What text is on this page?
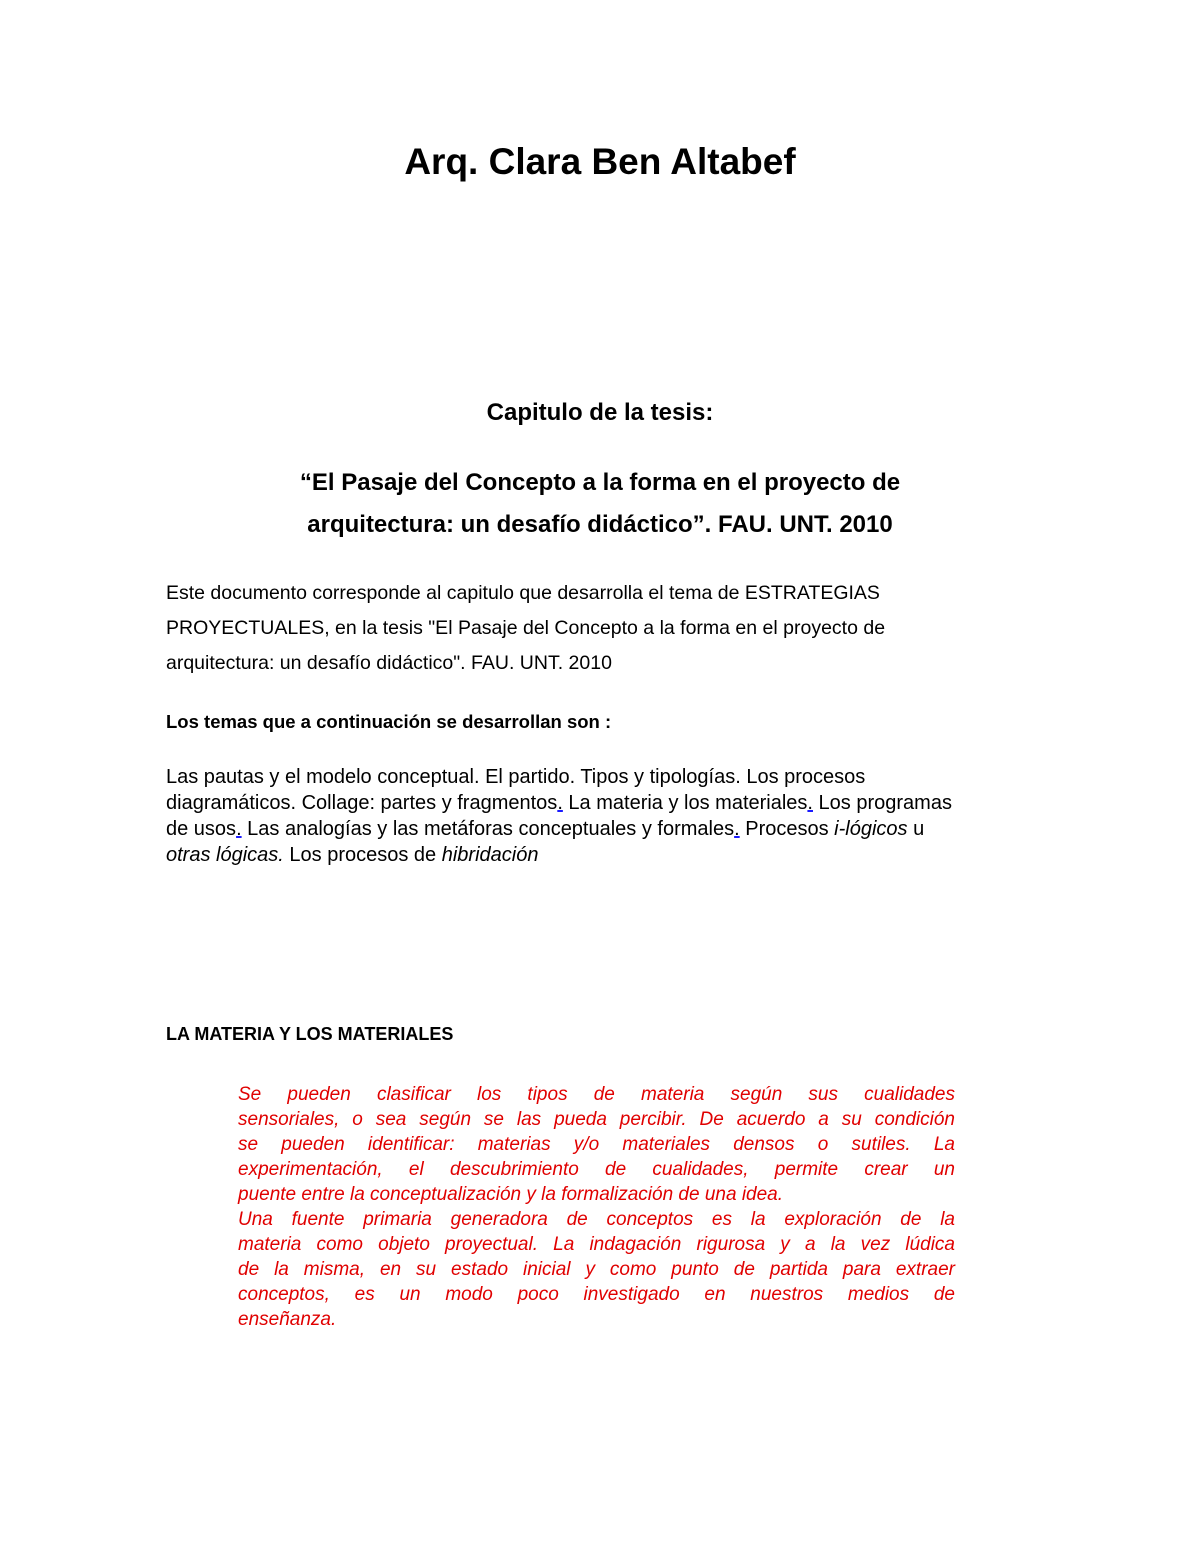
Arq. Clara Ben Altabef
Capitulo de la tesis:
“El Pasaje del Concepto a la forma en el proyecto de
arquitectura: un desafío didáctico”. FAU. UNT. 2010
Este documento corresponde al capitulo que desarrolla el tema de ESTRATEGIAS
PROYECTUALES, en la tesis "El Pasaje del Concepto a la forma en el proyecto de
arquitectura: un desafío didáctico". FAU. UNT. 2010
Los temas que a continuación se desarrollan son :
Las pautas y el modelo conceptual. El partido. Tipos y tipologías. Los procesos
diagramáticos. Collage: partes y fragmentos. La materia y los materiales. Los programas
de usos. Las analogías y las metáforas conceptuales y formales. Procesos i-lógicos u
otras lógicas. Los procesos de hibridación
LA MATERIA Y LOS MATERIALES
Se pueden clasificar los tipos de materia según sus cualidades
sensoriales, o sea según se las pueda percibir. De acuerdo a su condición
se pueden identificar: materias y/o materiales densos o sutiles. La
experimentación, el descubrimiento de cualidades, permite crear un
puente entre la conceptualización y la formalización de una idea.
Una fuente primaria generadora de conceptos es la exploración de la
materia como objeto proyectual. La indagación rigurosa y a la vez lúdica
de la misma, en su estado inicial y como punto de partida para extraer
conceptos, es un modo poco investigado en nuestros medios de
enseñanza.
